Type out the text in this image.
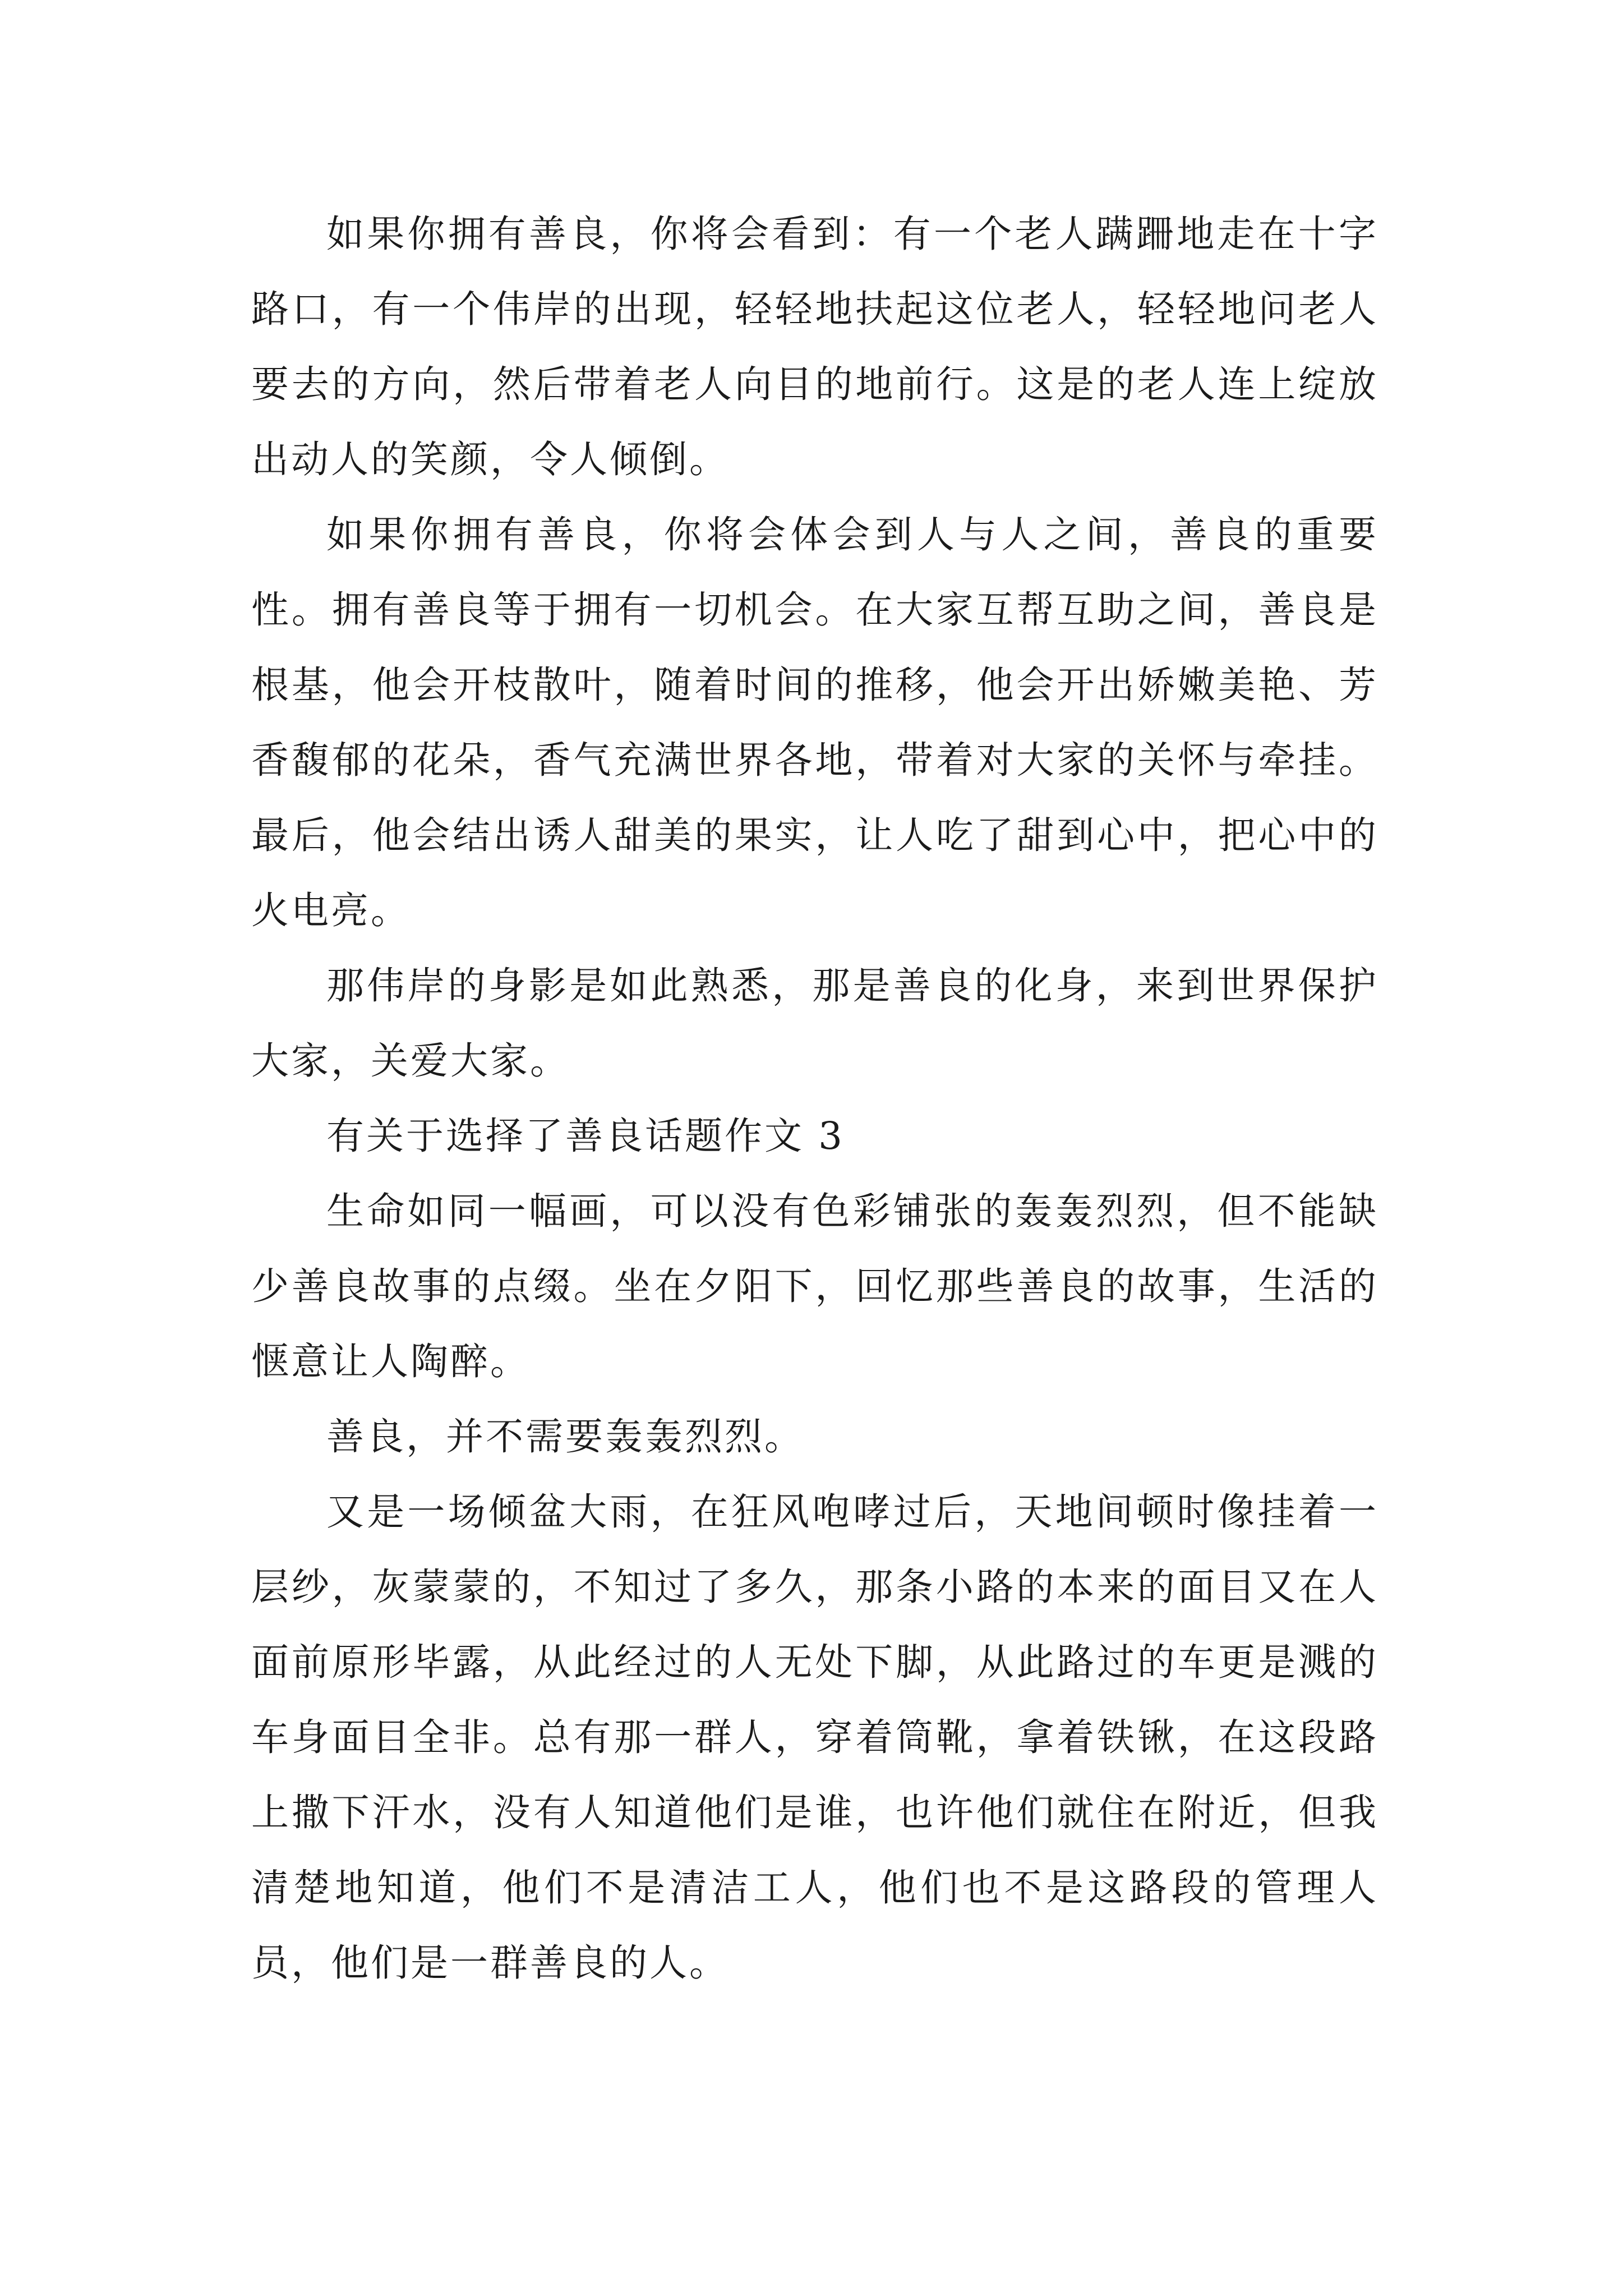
如果你拥有善良，你将会看到：有一个老人蹒跚地走在十字路口，有一个伟岸的出现，轻轻地扶起这位老人，轻轻地问老人要去的方向，然后带着老人向目的地前行。这是的老人连上绽放出动人的笑颜，令人倾倒。

如果你拥有善良，你将会体会到人与人之间，善良的重要性。拥有善良等于拥有一切机会。在大家互帮互助之间，善良是根基，他会开枝散叶，随着时间的推移，他会开出娇嫩美艳、芳香馥郁的花朵，香气充满世界各地，带着对大家的关怀与牵挂。最后，他会结出诱人甜美的果实，让人吃了甜到心中，把心中的火电亮。

那伟岸的身影是如此熟悉，那是善良的化身，来到世界保护大家，关爱大家。

有关于选择了善良话题作文 3

生命如同一幅画，可以没有色彩铺张的轰轰烈烈，但不能缺少善良故事的点缀。坐在夕阳下，回忆那些善良的故事，生活的惬意让人陶醉。

善良，并不需要轰轰烈烈。

又是一场倾盆大雨，在狂风咆哮过后，天地间顿时像挂着一层纱，灰蒙蒙的，不知过了多久，那条小路的本来的面目又在人面前原形毕露，从此经过的人无处下脚，从此路过的车更是溅的车身面目全非。总有那一群人，穿着筒靴，拿着铁锹，在这段路上撒下汗水，没有人知道他们是谁，也许他们就住在附近，但我清楚地知道，他们不是清洁工人，他们也不是这路段的管理人员，他们是一群善良的人。
